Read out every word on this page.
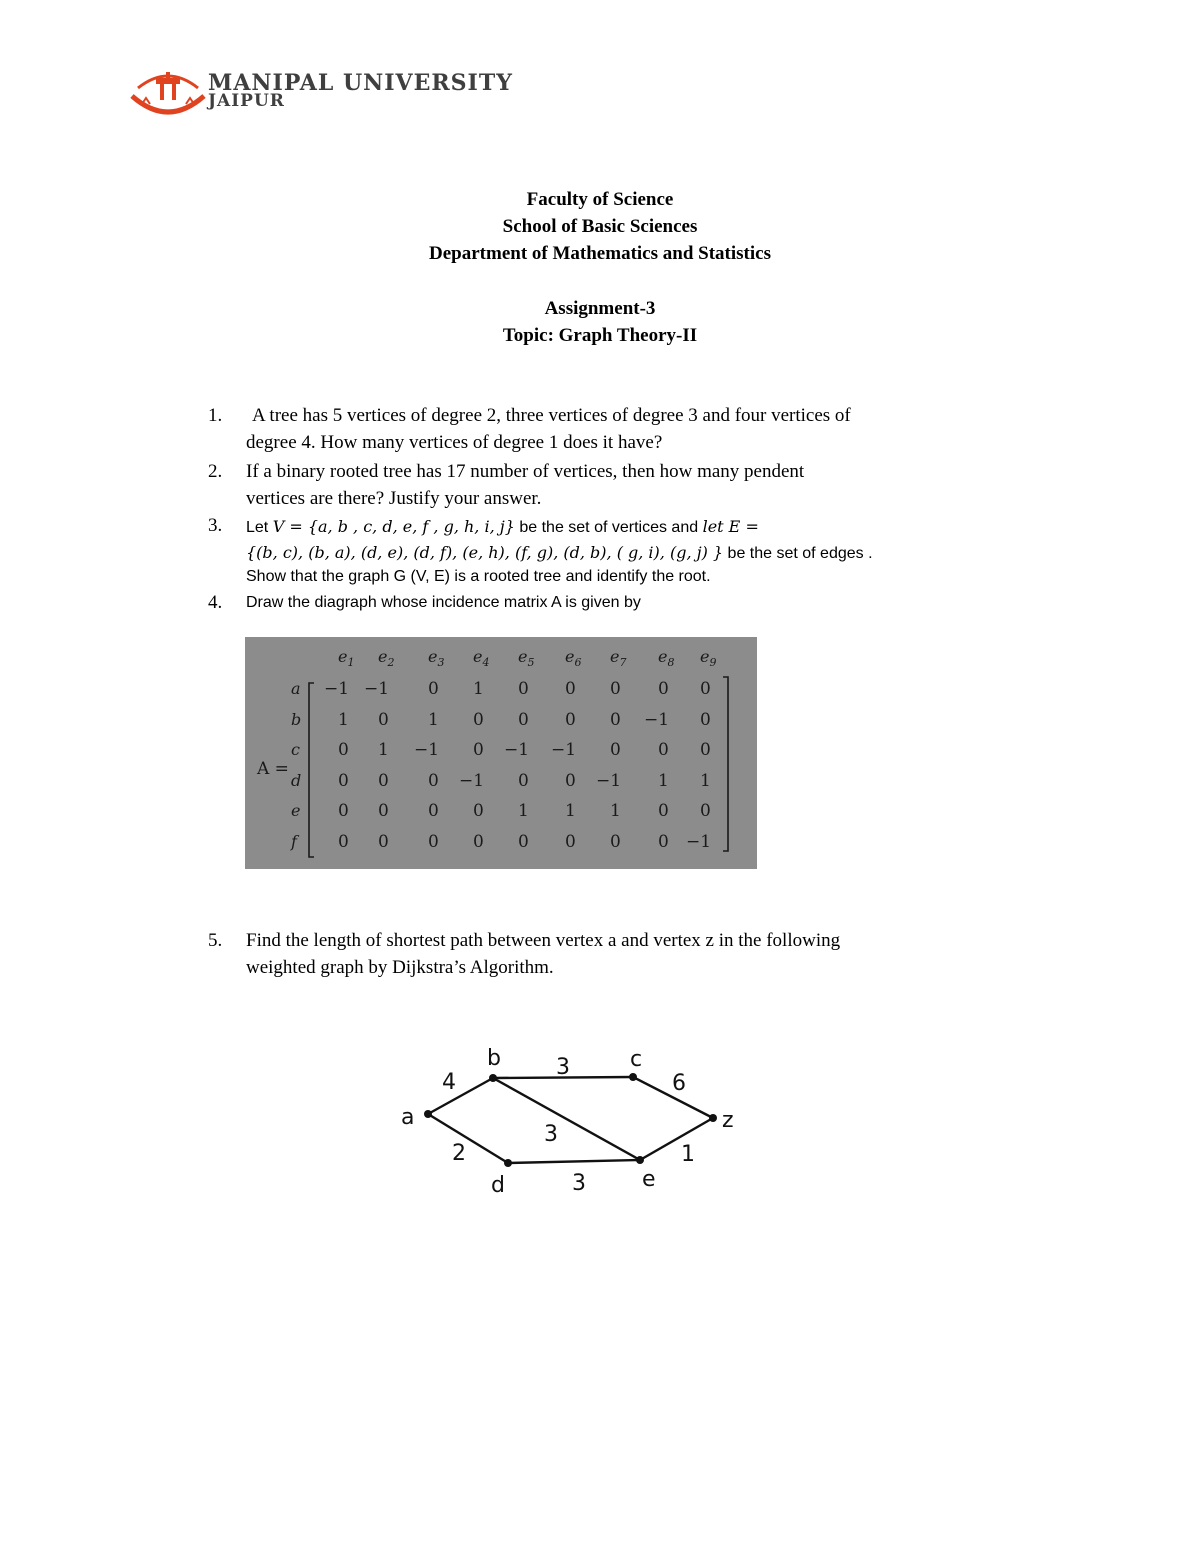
MANIPAL UNIVERSITY
JAIPUR
Faculty of Science
School of Basic Sciences
Department of Mathematics and Statistics
Assignment-3
Topic: Graph Theory-II
1. A tree has 5 vertices of degree 2, three vertices of degree 3 and four vertices of
degree 4. How many vertices of degree 1 does it have?
2. If a binary rooted tree has 17 number of vertices, then how many pendent
vertices are there? Justify your answer.
3. Let V = {a, b , c, d, e, f , g, h, i, j} be the set of vertices and let E =
{(b, c), (b, a), (d, e), (d, f), (e, h), (f, g), (d, b), ( g, i), (g, j) } be the set of edges .
Show that the graph G (V, E) is a rooted tree and identify the root.
4. Draw the diagraph whose incidence matrix A is given by
A =
$e_1$ $e_2$ $e_3$ $e_4$ $e_5$ $e_6$ $e_7$ $e_8$ $e_9$
a −1 −1 0 1 0 0 0 0 0
b 1 0 1 0 0 0 0 −1 0
c 0 1 −1 0 −1 −1 0 0 0
d 0 0 0 −1 0 0 −1 1 1
e 0 0 0 0 1 1 1 0 0
f 0 0 0 0 0 0 0 0 −1
5. Find the length of shortest path between vertex a and vertex z in the following
weighted graph by Dijkstra’s Algorithm.
a
b	c
d	e
z
4
2
3
3
3
6
1
